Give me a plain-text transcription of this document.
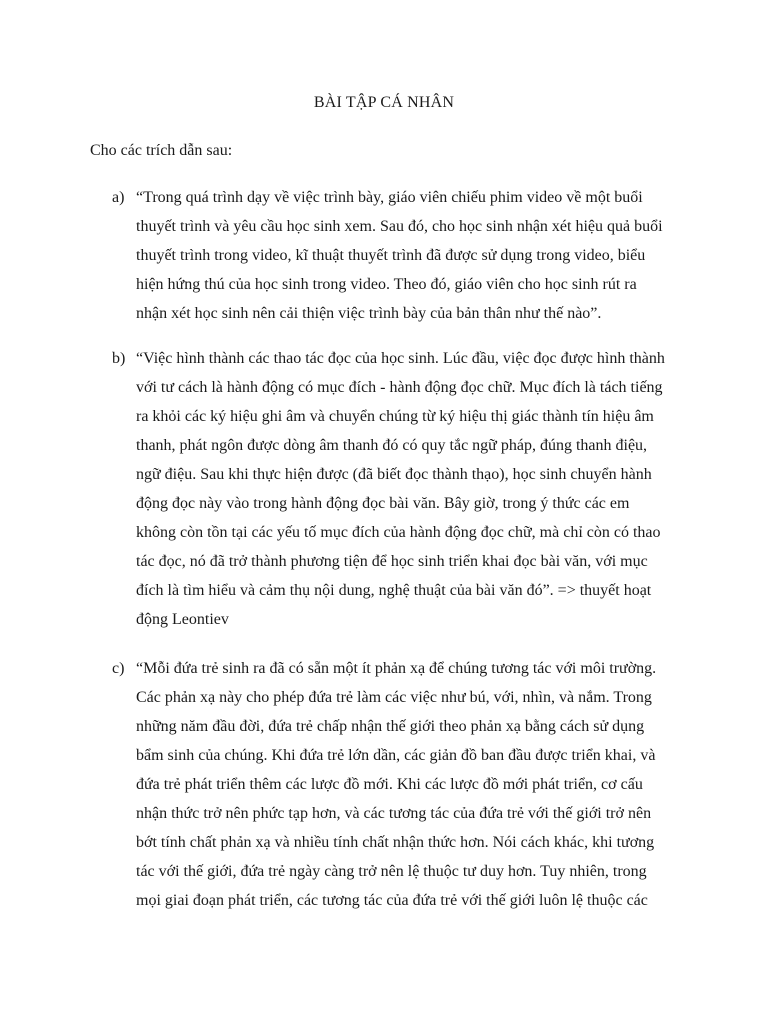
BÀI TẬP CÁ NHÂN
Cho các trích dẫn sau:
a) “Trong quá trình dạy về việc trình bày, giáo viên chiếu phim video về một buổi
thuyết trình và yêu cầu học sinh xem. Sau đó, cho học sinh nhận xét hiệu quả buổi
thuyết trình trong video, kĩ thuật thuyết trình đã được sử dụng trong video, biểu
hiện hứng thú của học sinh trong video. Theo đó, giáo viên cho học sinh rút ra
nhận xét học sinh nên cải thiện việc trình bày của bản thân như thế nào”.
b) “Việc hình thành các thao tác đọc của học sinh. Lúc đầu, việc đọc được hình thành
với tư cách là hành động có mục đích - hành động đọc chữ. Mục đích là tách tiếng
ra khỏi các ký hiệu ghi âm và chuyển chúng từ ký hiệu thị giác thành tín hiệu âm
thanh, phát ngôn được dòng âm thanh đó có quy tắc ngữ pháp, đúng thanh điệu,
ngữ điệu. Sau khi thực hiện được (đã biết đọc thành thạo), học sinh chuyển hành
động đọc này vào trong hành động đọc bài văn. Bây giờ, trong ý thức các em
không còn tồn tại các yếu tố mục đích của hành động đọc chữ, mà chỉ còn có thao
tác đọc, nó đã trở thành phương tiện để học sinh triển khai đọc bài văn, với mục
đích là tìm hiểu và cảm thụ nội dung, nghệ thuật của bài văn đó”. => thuyết hoạt
động Leontiev
c) “Mỗi đứa trẻ sinh ra đã có sẵn một ít phản xạ để chúng tương tác với môi trường.
Các phản xạ này cho phép đứa trẻ làm các việc như bú, với, nhìn, và nắm. Trong
những năm đầu đời, đứa trẻ chấp nhận thế giới theo phản xạ bằng cách sử dụng
bẩm sinh của chúng. Khi đứa trẻ lớn dần, các giản đồ ban đầu được triển khai, và
đứa trẻ phát triển thêm các lược đồ mới. Khi các lược đồ mới phát triển, cơ cấu
nhận thức trở nên phức tạp hơn, và các tương tác của đứa trẻ với thế giới trở nên
bớt tính chất phản xạ và nhiều tính chất nhận thức hơn. Nói cách khác, khi tương
tác với thế giới, đứa trẻ ngày càng trở nên lệ thuộc tư duy hơn. Tuy nhiên, trong
mọi giai đoạn phát triển, các tương tác của đứa trẻ với thế giới luôn lệ thuộc các
